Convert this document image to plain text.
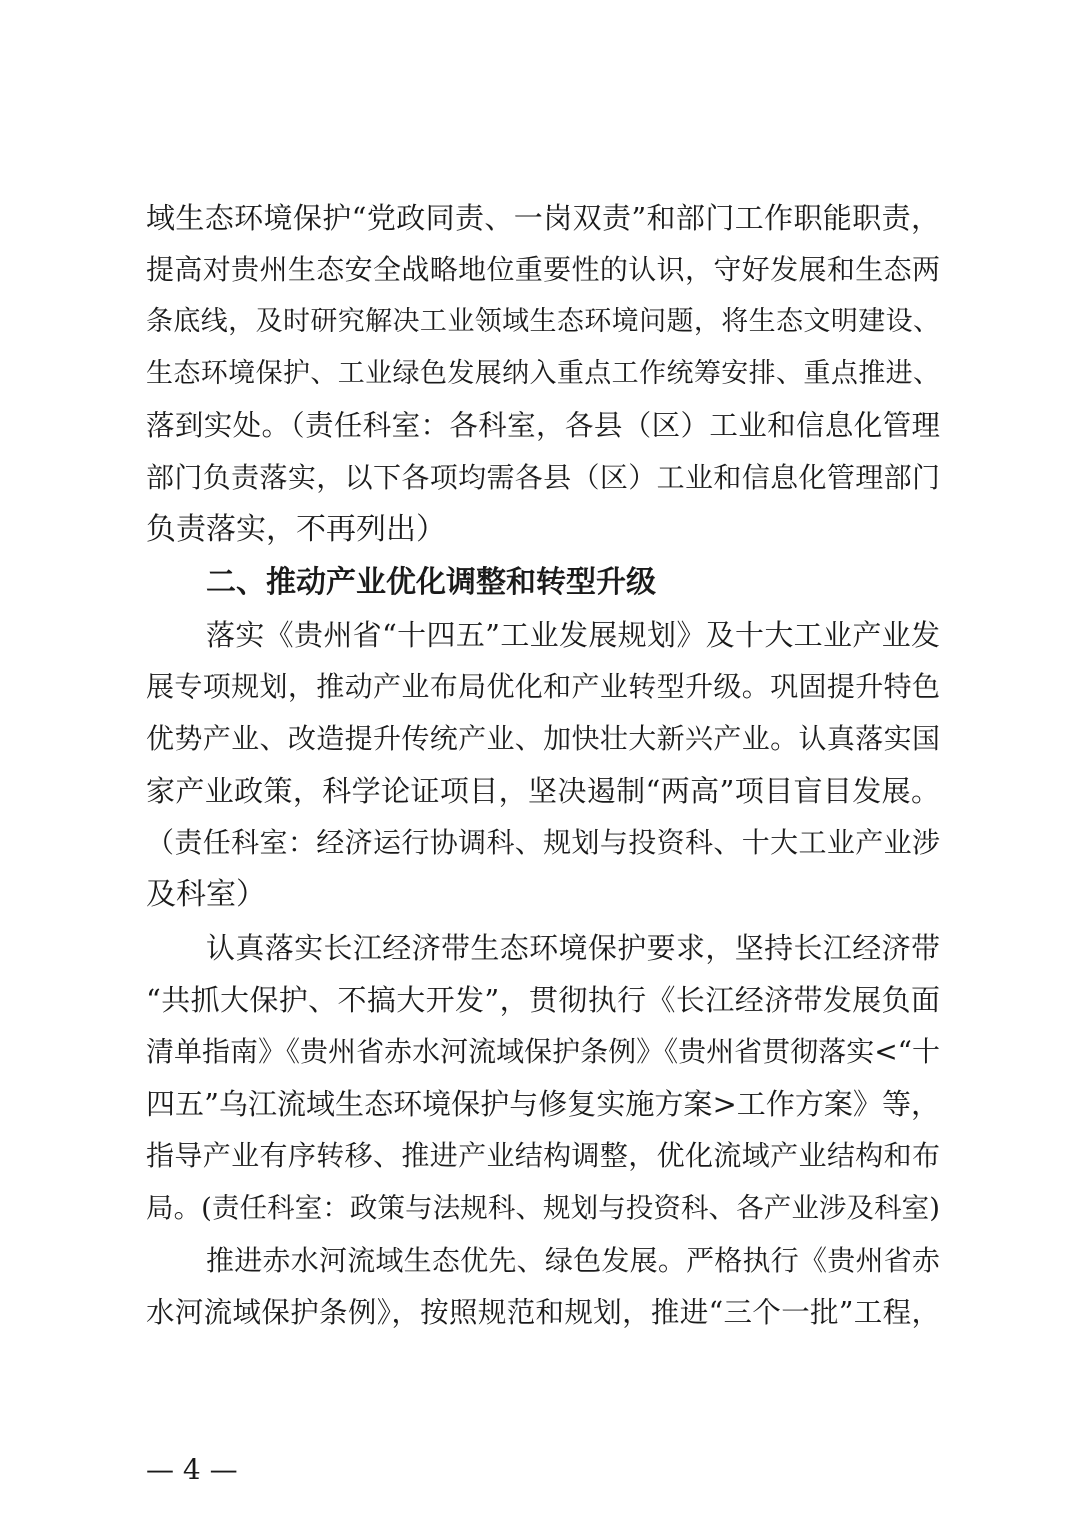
域生态环境保护“党政同责、一岗双责”和部门工作职能职责，

提高对贵州生态安全战略地位重要性的认识，守好发展和生态两

条底线，及时研究解决工业领域生态环境问题，将生态文明建设、

生态环境保护、工业绿色发展纳入重点工作统筹安排、重点推进、

落到实处。（责任科室：各科室，各县（区）工业和信息化管理

部门负责落实，以下各项均需各县（区）工业和信息化管理部门

负责落实，不再列出）

二、推动产业优化调整和转型升级

落实《贵州省“十四五”工业发展规划》及十大工业产业发

展专项规划，推动产业布局优化和产业转型升级。巩固提升特色

优势产业、改造提升传统产业、加快壮大新兴产业。认真落实国

家产业政策，科学论证项目，坚决遏制“两高”项目盲目发展。

（责任科室：经济运行协调科、规划与投资科、十大工业产业涉

及科室）

认真落实长江经济带生态环境保护要求，坚持长江经济带

“共抓大保护、不搞大开发”，贯彻执行《长江经济带发展负面

清单指南》《贵州省赤水河流域保护条例》《贵州省贯彻落实<“十

四五”乌江流域生态环境保护与修复实施方案>工作方案》等，

指导产业有序转移、推进产业结构调整，优化流域产业结构和布

局。(责任科室：政策与法规科、规划与投资科、各产业涉及科室)

推进赤水河流域生态优先、绿色发展。严格执行《贵州省赤

水河流域保护条例》，按照规范和规划，推进“三个一批”工程，

— 4 —
